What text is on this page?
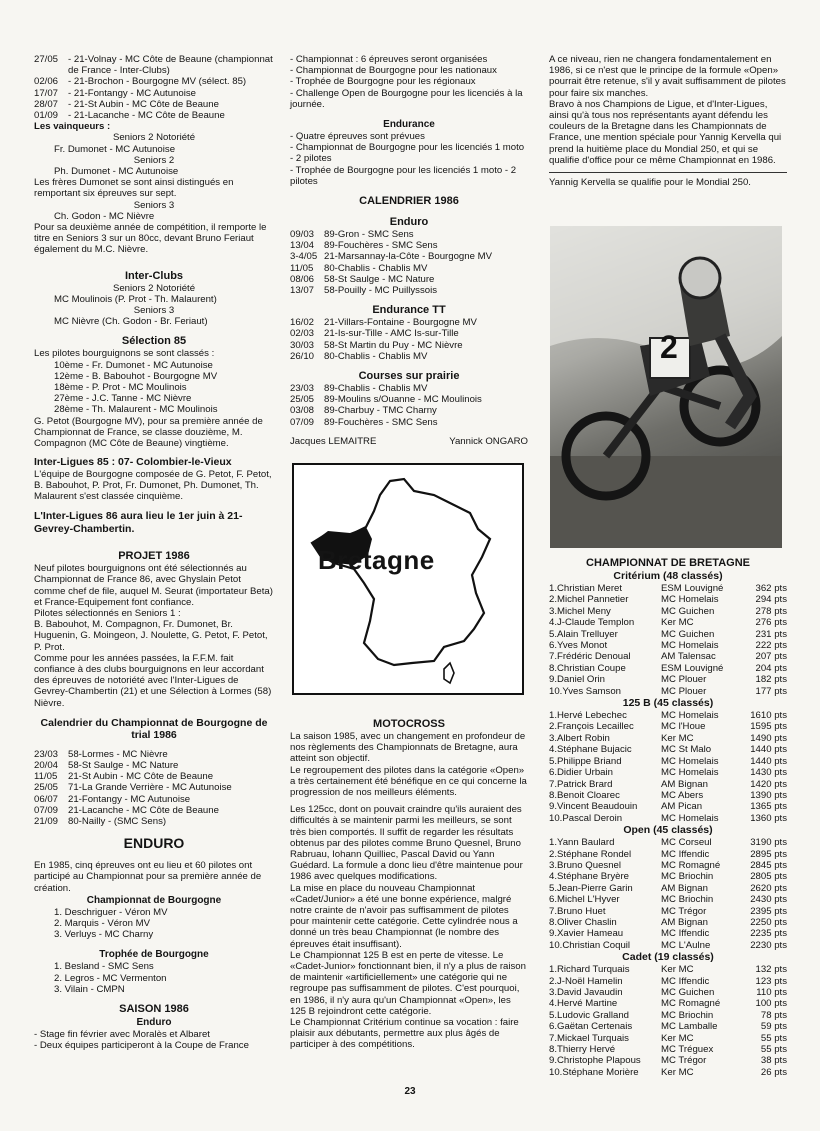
27/05	- 21-Volnay - MC Côte de Beaune (championnat de France - Inter-Clubs)
02/06	- 21-Brochon - Bourgogne MV (sélect. 85)
17/07	- 21-Fontangy - MC Autunoise
28/07	- 21-St Aubin - MC Côte de Beaune
01/09	- 21-Lacanche - MC Côte de Beaune
Les vainqueurs :
Seniors 2 Notoriété
Fr. Dumonet - MC Autunoise
Seniors 2
Ph. Dumonet - MC Autunoise

Les frères Dumonet se sont ainsi distingués en remportant six épreuves sur sept.

Seniors 3
Ch. Godon - MC Nièvre

Pour sa deuxième année de compétition, il remporte le titre en Seniors 3 sur un 80cc, devant Bruno Feriaut également du M.C. Nièvre.

Inter-Clubs
Seniors 2 Notoriété
MC Moulinois (P. Prot - Th. Malaurent)
Seniors 3
MC Nièvre (Ch. Godon - Br. Feriaut)
Sélection 85
Les pilotes bourguignons se sont classés :
10ème - Fr. Dumonet - MC Autunoise
12ème - B. Babouhot - Bourgogne MV
18ème - P. Prot - MC Moulinois
27ème - J.C. Tanne - MC Nièvre
28ème - Th. Malaurent - MC Moulinois

G. Petot (Bourgogne MV), pour sa première année de Championnat de France, se classe douzième, M. Compagnon (MC Côte de Beaune) vingtième.

Inter-Ligues 85 : 07- Colombier-le-Vieux

L'équipe de Bourgogne composée de G. Petot, F. Petot, B. Babouhot, P. Prot, Fr. Dumonet, Ph. Dumonet, Th. Malaurent s'est classée cinquième.

L'Inter-Ligues 86 aura lieu le 1er juin à 21-Gevrey-Chambertin.
PROJET 1986

Neuf pilotes bourguignons ont été sélectionnés au Championnat de France 86, avec Ghyslain Petot comme chef de file, auquel M. Seurat (importateur Beta) et France-Equipement font confiance.

Pilotes sélectionnés en Seniors 1 :

B. Babouhot, M. Compagnon, Fr. Dumonet, Br. Huguenin, G. Moingeon, J. Noulette, G. Petot, F. Petot, P. Prot.

Comme pour les années passées, la F.F.M. fait confiance à des clubs bourguignons en leur accordant des épreuves de notoriété avec l'Inter-Ligues de Gevrey-Chambertin (21) et une Sélection à Lormes (58) Nièvre.

Calendrier du Championnat de Bourgogne de trial 1986
23/03	58-Lormes - MC Nièvre
20/04	58-St Saulge - MC Nature
11/05	21-St Aubin - MC Côte de Beaune
25/05	71-La Grande Verrière - MC Autunoise
06/07	21-Fontangy - MC Autunoise
07/09	21-Lacanche - MC Côte de Beaune
21/09	80-Nailly - (SMC Sens)
ENDURO

En 1985, cinq épreuves ont eu lieu et 60 pilotes ont participé au Championnat pour sa première année de création.

Championnat de Bourgogne
1. Deschriguer - Véron MV
2. Marquis - Véron MV
3. Verluys - MC Charny
Trophée de Bourgogne
1. Besland - SMC Sens
2. Legros - MC Vermenton
3. Vilain - CMPN
SAISON 1986
Enduro
- Stage fin février avec Moralès et Albaret
- Deux équipes participeront à la Coupe de France
- Championnat : 6 épreuves seront organisées
- Championnat de Bourgogne pour les nationaux
- Trophée de Bourgogne pour les régionaux
- Challenge Open de Bourgogne pour les licenciés à la journée.
Endurance
- Quatre épreuves sont prévues
- Championnat de Bourgogne pour les licenciés 1 moto - 2 pilotes
- Trophée de Bourgogne pour les licenciés 1 moto - 2 pilotes
CALENDRIER 1986
Enduro
09/03	89-Gron - SMC Sens
13/04	89-Fouchères - SMC Sens
3-4/05 21-Marsannay-la-Côte - Bourgogne MV
11/05	80-Chablis - Chablis MV
08/06	58-St Saulge - MC Nature
13/07	58-Pouilly - MC Puillyssois
Endurance TT
16/02	21-Villars-Fontaine - Bourgogne MV
02/03	21-Is-sur-Tille - AMC Is-sur-Tille
30/03	58-St Martin du Puy - MC Nièvre
26/10	80-Chablis - Chablis MV
Courses sur prairie
23/03	89-Chablis - Chablis MV
25/05	89-Moulins s/Ouanne - MC Moulinois
03/08	89-Charbuy - TMC Charny
07/09	89-Fouchères - SMC Sens
Jacques LEMAITRE	Yannick ONGARO
Bretagne
MOTOCROSS

La saison 1985, avec un changement en profondeur de nos règlements des Championnats de Bretagne, aura atteint son objectif.

Le regroupement des pilotes dans la catégorie «Open» a très certainement été bénéfique en ce qui concerne la progression de nos meilleurs éléments.

Les 125cc, dont on pouvait craindre qu'ils auraient des difficultés à se maintenir parmi les meilleurs, se sont très bien comportés. Il suffit de regarder les résultats obtenus par des pilotes comme Bruno Quesnel, Bruno Rabruau, Iohann Quilliec, Pascal David ou Yann Guédard. La formule a donc lieu d'être maintenue pour 1986 avec quelques modifications.

La mise en place du nouveau Championnat «Cadet/Junior» a été une bonne expérience, malgré notre crainte de n'avoir pas suffisamment de pilotes pour maintenir cette catégorie. Cette cylindrée nous a donné un très beau Championnat (le nombre des épreuves était insuffisant).

Le Championnat 125 B est en perte de vitesse. Le «Cadet-Junior» fonctionnant bien, il n'y a plus de raison de maintenir «artificiellement» une catégorie qui ne regroupe pas suffisamment de pilotes. C'est pourquoi, en 1986, il n'y aura qu'un Championnat «Open», les 125 B rejoindront cette catégorie.

Le Championnat Critérium continue sa vocation : faire plaisir aux débutants, permettre aux plus âgés de participer à des compétitions.

A ce niveau, rien ne changera fondamentalement en 1986, si ce n'est que le principe de la formule «Open» pourrait être retenue, s'il y avait suffisamment de pilotes pour faire six manches.

Bravo à nos Champions de Ligue, et d'Inter-Ligues, ainsi qu'à tous nos représentants ayant défendu les couleurs de la Bretagne dans les Championnats de France, une mention spéciale pour Yannig Kervella qui prend la huitième place du Mondial 250, et qui se qualifie d'office pour ce même Championnat en 1986.

Yannig Kervella se qualifie pour le Mondial 250.
2
CHAMPIONNAT DE BRETAGNE
Critérium (48 classés)
1.Christian Meret	ESM Louvigné	362 pts
2.Michel Pannetier	MC Homelais	294 pts
3.Michel Meny	MC Guichen	278 pts
4.J-Claude Templon	Ker MC	276 pts
5.Alain Trelluyer	MC Guichen	231 pts
6.Yves Monot	MC Homelais	222 pts
7.Frédéric Denoual	AM Talensac	207 pts
8.Christian Coupe	ESM Louvigné	204 pts
9.Daniel Orin	MC Plouer	182 pts
10.Yves Samson	MC Plouer	177 pts
125 B (45 classés)
1.Hervé Lebechec	MC Homelais	1610 pts
2.François Lecaillec	MC l'Houe	1595 pts
3.Albert Robin	Ker MC	1490 pts
4.Stéphane Bujacic	MC St Malo	1440 pts
5.Philippe Briand	MC Homelais	1440 pts
6.Didier Urbain	MC Homelais	1430 pts
7.Patrick Brard	AM Bignan	1420 pts
8.Benoit Cloarec	MC Abers	1390 pts
9.Vincent Beaudouin	AM Pican	1365 pts
10.Pascal Deroin	MC Homelais	1360 pts
Open (45 classés)
1.Yann Baulard	MC Corseul	3190 pts
2.Stéphane Rondel	MC Iffendic	2895 pts
3.Bruno Quesnel	MC Romagné	2845 pts
4.Stéphane Bryère	MC Briochin	2805 pts
5.Jean-Pierre Garin	AM Bignan	2620 pts
6.Michel L'Hyver	MC Briochin	2430 pts
7.Bruno Huet	MC Trégor	2395 pts
8.Oliver Chaslin	AM Bignan	2250 pts
9.Xavier Hameau	MC Iffendic	2235 pts
10.Christian Coquil	MC L'Aulne	2230 pts
Cadet (19 classés)
1.Richard Turquais	Ker MC	132 pts
2.J-Noël Hamelin	MC Iffendic	123 pts
3.David Javaudin	MC Guichen	110 pts
4.Hervé Martine	MC Romagné	100 pts
5.Ludovic Gralland	MC Briochin	78 pts
6.Gaëtan Certenais	MC Lamballe	59 pts
7.Mickael Turquais	Ker MC	55 pts
8.Thierry Hervé	MC Tréguex	55 pts
9.Christophe Plapous	MC Trégor	38 pts
10.Stéphane Morière	Ker MC	26 pts
23
